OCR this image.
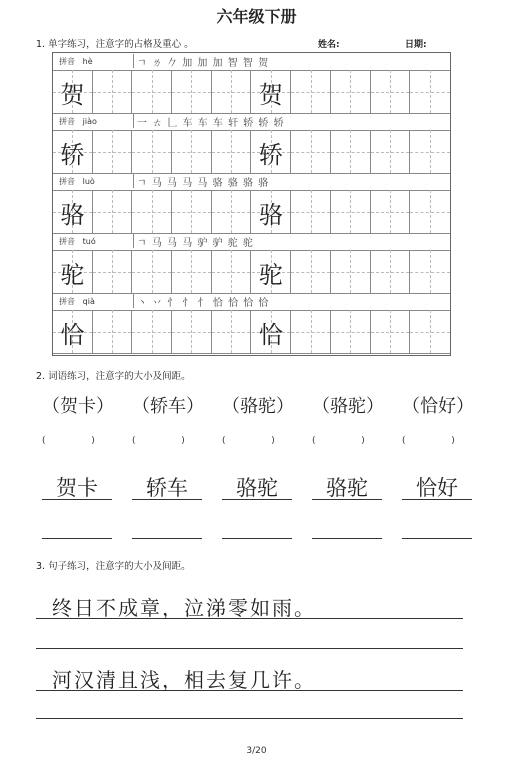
六年级下册
1. 单字练习，注意字的占格及重心 。	姓名:	日期:
拼音 hè	ㄱ ㄌ 𠂊 加 加 加 智 智 贺
贺	贺
拼音 jiào	一 ㄊ 𠃊 车 车 车 轩 轿 轿 轿
轿	轿
拼音 luò	ㄱ 马 马 马 马 骆 骆 骆 骆
骆	骆
拼音 tuó	ㄱ 马 马 马 驴 驴 驼 驼
驼	驼
拼音 qià	丶 丷 忄 忄 忄 恰 恰 恰 恰
恰	恰
2. 词语练习，注意字的大小及间距。
（贺卡）
(                )
贺卡
（轿车）
(                )
轿车
（骆驼）
(                )
骆驼
（骆驼）
(                )
骆驼
（恰好）
(                )
恰好
3. 句子练习，注意字的大小及间距。
终日不成章，泣涕零如雨。
河汉清且浅，相去复几许。
3/20
